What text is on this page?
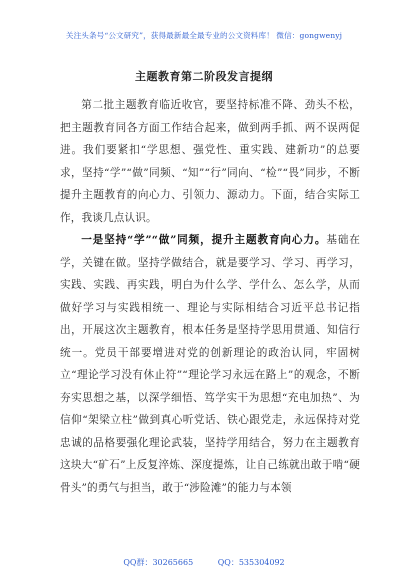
关注头条号“公文研究”，获得最新最全最专业的公文资料库！ 微信：gongwenyj
主题教育第二阶段发言提纲

第二批主题教育临近收官，要坚持标准不降、劲头不松，把主题教育同各方面工作结合起来，做到两手抓、两不误两促进。我们要紧扣“学思想、强党性、重实践、建新功”的总要求，坚持“学”“做”同频、“知”“行”同向、“检”“畏”同步，不断提升主题教育的向心力、引领力、源动力。下面，结合实际工作，我谈几点认识。

一是坚持“学”“做”同频，提升主题教育向心力。基础在学，关键在做。坚持学做结合，就是要学习、学习、再学习，实践、实践、再实践，明白为什么学、学什么、怎么学，从而做好学习与实践相统一、理论与实际相结合习近平总书记指出，开展这次主题教育，根本任务是坚持学思用贯通、知信行统一。党员干部要增进对党的创新理论的政治认同，牢固树立“理论学习没有休止符”“理论学习永远在路上”的观念，不断夯实思想之基，以深学细悟、笃学实干为思想“充电加热”、为信仰“架梁立柱”做到真心听党话、铁心跟党走，永远保持对党忠诚的品格要强化理论武装，坚持学用结合，努力在主题教育这块大“矿石”上反复淬炼、深度提炼，让自己练就出敢于啃“硬骨头”的勇气与担当，敢于“涉险滩”的能力与本领

QQ群：30265665	QQ：535304092
